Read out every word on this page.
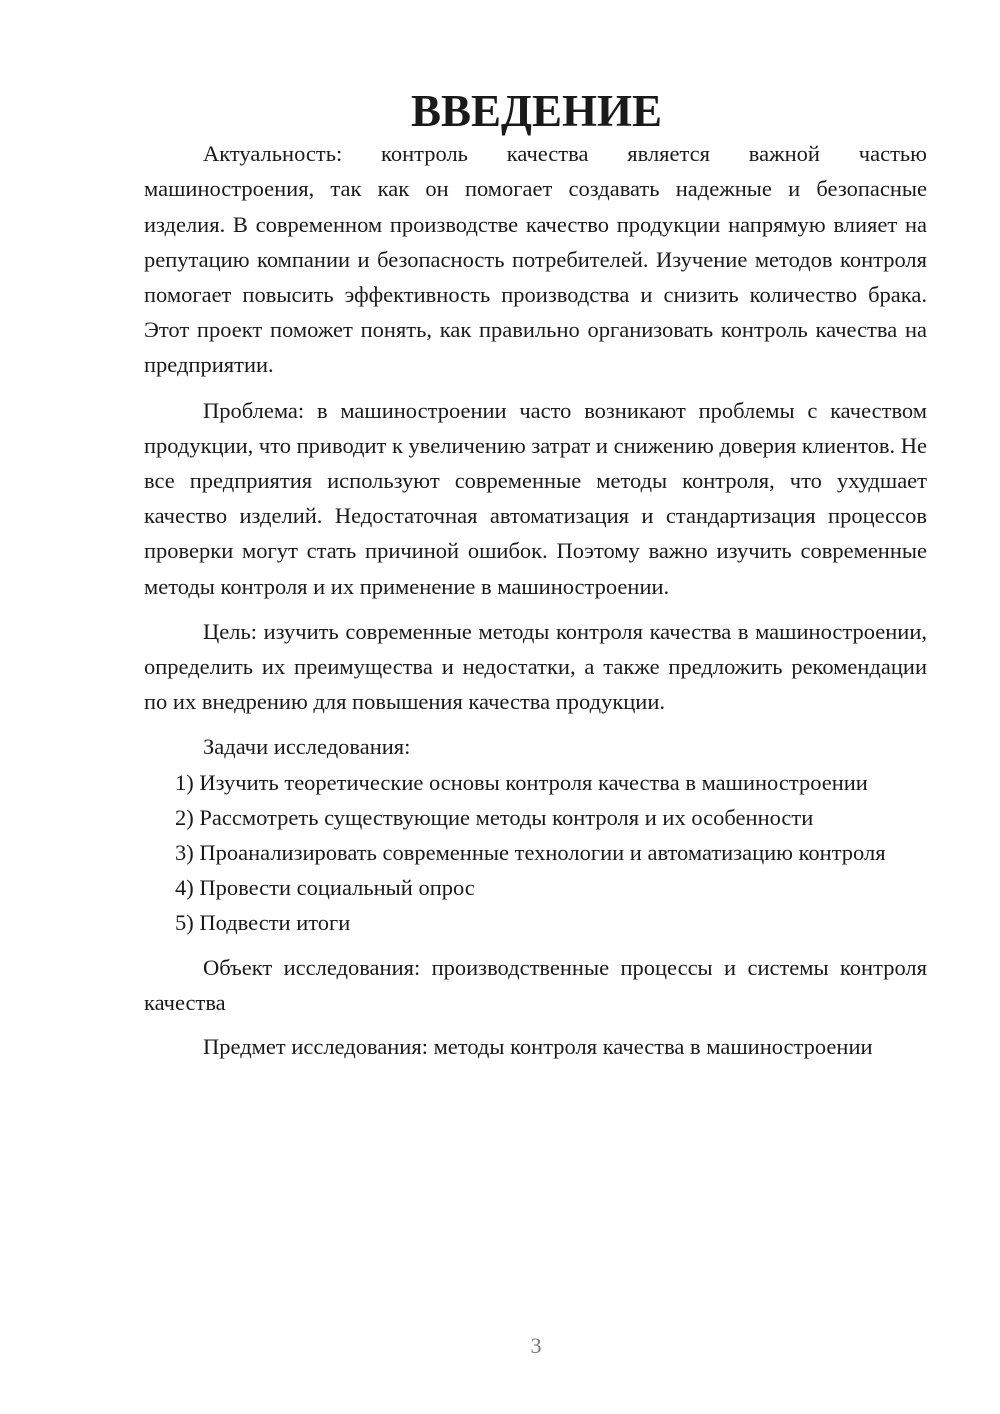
ВВЕДЕНИЕ

Актуальность: контроль качества является важной частью машиностроения, так как он помогает создавать надежные и безопасные изделия. В современном производстве качество продукции напрямую влияет на репутацию компании и безопасность потребителей. Изучение методов контроля помогает повысить эффективность производства и снизить количество брака. Этот проект поможет понять, как правильно организовать контроль качества на предприятии.

Проблема: в машиностроении часто возникают проблемы с качеством продукции, что приводит к увеличению затрат и снижению доверия клиентов. Не все предприятия используют современные методы контроля, что ухудшает качество изделий. Недостаточная автоматизация и стандартизация процессов проверки могут стать причиной ошибок. Поэтому важно изучить современные методы контроля и их применение в машиностроении.

Цель: изучить современные методы контроля качества в машиностроении, определить их преимущества и недостатки, а также предложить рекомендации по их внедрению для повышения качества продукции.

Задачи исследования:

1) Изучить теоретические основы контроля качества в машиностроении

2) Рассмотреть существующие методы контроля и их особенности

3) Проанализировать современные технологии и автоматизацию контроля

4) Провести социальный опрос

5) Подвести итоги

Объект исследования: производственные процессы и системы контроля качества

Предмет исследования: методы контроля качества в машиностроении

3
